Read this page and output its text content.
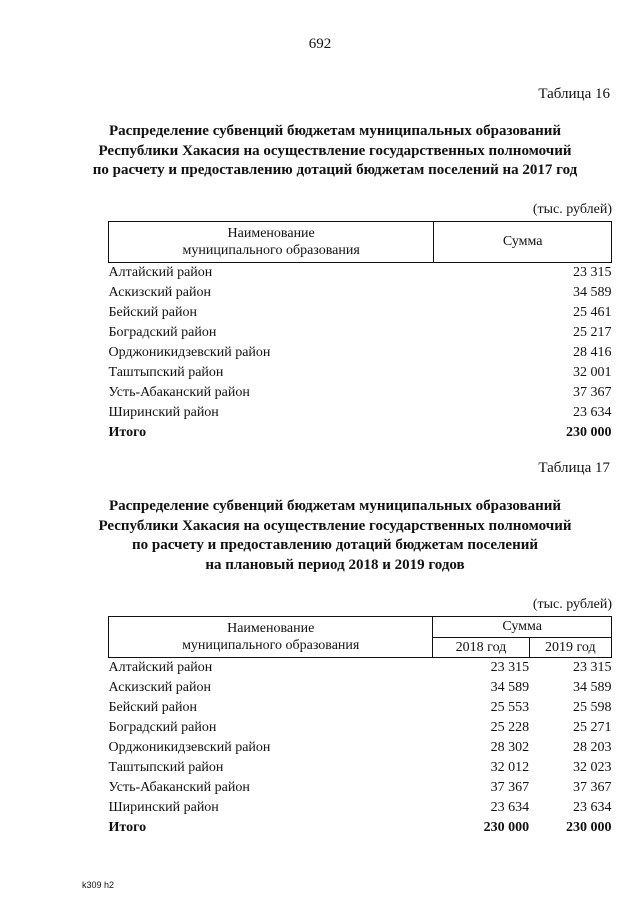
692
Таблица 16
Распределение субвенций бюджетам муниципальных образований
Республики Хакасия на осуществление государственных полномочий
по расчету и предоставлению дотаций бюджетам поселений на 2017 год
(тыс. рублей)
Наименование
муниципального образования	Сумма
Алтайский район	23 315
Аскизский район	34 589
Бейский район	25 461
Боградский район	25 217
Орджоникидзевский район	28 416
Таштыпский район	32 001
Усть-Абаканский район	37 367
Ширинский район	23 634
Итого	230 000
Таблица 17
Распределение субвенций бюджетам муниципальных образований
Республики Хакасия на осуществление государственных полномочий
по расчету и предоставлению дотаций бюджетам поселений
на плановый период 2018 и 2019 годов
(тыс. рублей)
Наименование
муниципального образования	Сумма	
	2018 год	2019 год
Алтайский район	23 315	23 315
Аскизский район	34 589	34 589
Бейский район	25 553	25 598
Боградский район	25 228	25 271
Орджоникидзевский район	28 302	28 203
Таштыпский район	32 012	32 023
Усть-Абаканский район	37 367	37 367
Ширинский район	23 634	23 634
Итого	230 000	230 000
k309 h2
